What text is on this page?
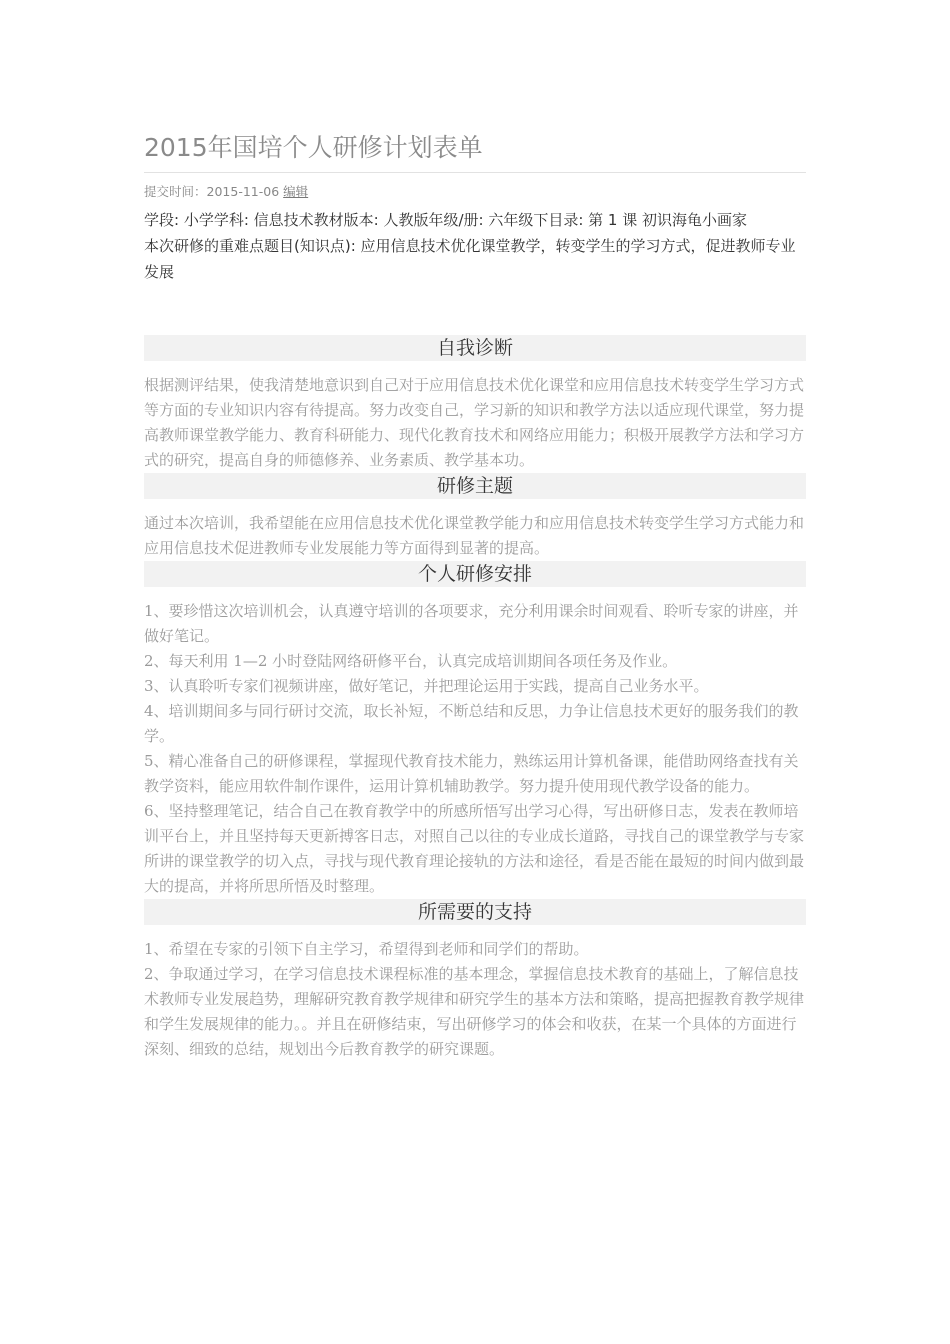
2015年国培个人研修计划表单
提交时间：2015-11-06 编辑

学段: 小学学科: 信息技术教材版本: 人教版年级/册: 六年级下目录: 第 1 课 初识海龟小画家

本次研修的重难点题目(知识点): 应用信息技术优化课堂教学，转变学生的学习方式，促进教师专业发展

自我诊断

根据测评结果，使我清楚地意识到自己对于应用信息技术优化课堂和应用信息技术转变学生学习方式等方面的专业知识内容有待提高。努力改变自己，学习新的知识和教学方法以适应现代课堂，努力提高教师课堂教学能力、教育科研能力、现代化教育技术和网络应用能力；积极开展教学方法和学习方式的研究，提高自身的师德修养、业务素质、教学基本功。

研修主题

通过本次培训，我希望能在应用信息技术优化课堂教学能力和应用信息技术转变学生学习方式能力和应用信息技术促进教师专业发展能力等方面得到显著的提高。

个人研修安排

1、要珍惜这次培训机会，认真遵守培训的各项要求，充分利用课余时间观看、聆听专家的讲座，并做好笔记。

2、每天利用 1—2 小时登陆网络研修平台，认真完成培训期间各项任务及作业。

3、认真聆听专家们视频讲座，做好笔记，并把理论运用于实践，提高自己业务水平。

4、培训期间多与同行研讨交流，取长补短，不断总结和反思，力争让信息技术更好的服务我们的教学。

5、精心准备自己的研修课程，掌握现代教育技术能力，熟练运用计算机备课，能借助网络查找有关教学资料，能应用软件制作课件，运用计算机辅助教学。努力提升使用现代教学设备的能力。

6、坚持整理笔记，结合自己在教育教学中的所感所悟写出学习心得，写出研修日志，发表在教师培训平台上，并且坚持每天更新搏客日志，对照自己以往的专业成长道路，寻找自己的课堂教学与专家所讲的课堂教学的切入点，寻找与现代教育理论接轨的方法和途径，看是否能在最短的时间内做到最大的提高，并将所思所悟及时整理。

所需要的支持

1、希望在专家的引领下自主学习，希望得到老师和同学们的帮助。

2、争取通过学习，在学习信息技术课程标准的基本理念，掌握信息技术教育的基础上，了解信息技术教师专业发展趋势，理解研究教育教学规律和研究学生的基本方法和策略，提高把握教育教学规律和学生发展规律的能力。。并且在研修结束，写出研修学习的体会和收获，在某一个具体的方面进行深刻、细致的总结，规划出今后教育教学的研究课题。
